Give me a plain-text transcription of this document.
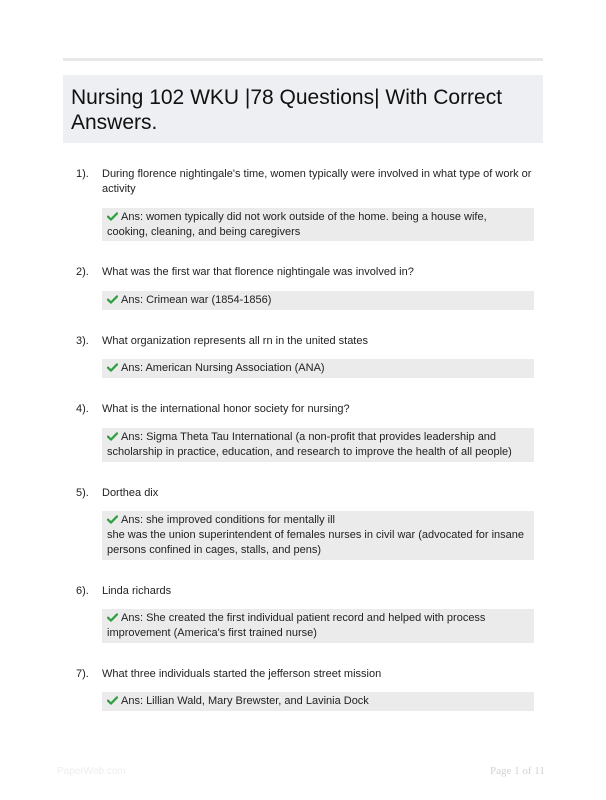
Nursing 102 WKU |78 Questions| With Correct Answers.
1). During florence nightingale's time, women typically were involved in what type of work or activity
Ans: women typically did not work outside of the home. being a house wife, cooking, cleaning, and being caregivers
2). What was the first war that florence nightingale was involved in?
Ans: Crimean war (1854-1856)
3). What organization represents all rn in the united states
Ans: American Nursing Association (ANA)
4). What is the international honor society for nursing?
Ans: Sigma Theta Tau International (a non-profit that provides leadership and scholarship in practice, education, and research to improve the health of all people)
5). Dorthea dix
Ans: she improved conditions for mentally ill
she was the union superintendent of females nurses in civil war (advocated for insane persons confined in cages, stalls, and pens)
6). Linda richards
Ans: She created the first individual patient record and helped with process improvement (America's first trained nurse)
7). What three individuals started the jefferson street mission
Ans: Lillian Wald, Mary Brewster, and Lavinia Dock
PaperWeb.com	Page 1 of 11
